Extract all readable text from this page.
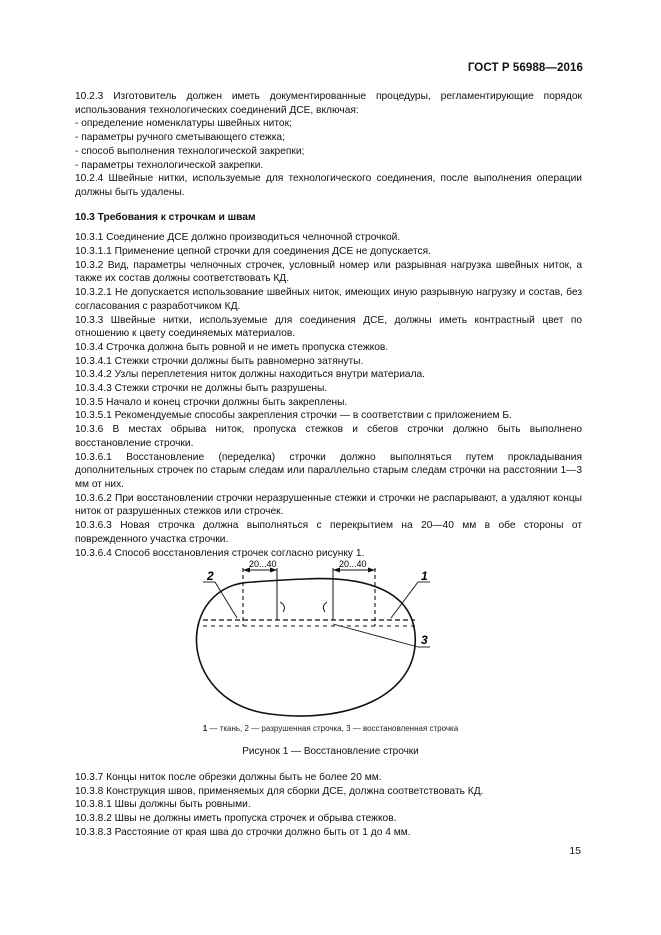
ГОСТ Р 56988—2016

10.2.3 Изготовитель должен иметь документированные процедуры, регламентирующие порядок использования технологических соединений ДСЕ, включая:

- определение номенклатуры швейных ниток;

- параметры ручного сметывающего стежка;

- способ выполнения технологической закрепки;

- параметры технологической закрепки.

10.2.4 Швейные нитки, используемые для технологического соединения, после выполнения операции должны быть удалены.

10.3 Требования к строчкам и швам

10.3.1 Соединение ДСЕ должно производиться челночной строчкой.

10.3.1.1 Применение цепной строчки для соединения ДСЕ не допускается.

10.3.2 Вид, параметры челночных строчек, условный номер или разрывная нагрузка швейных ниток, а также их состав должны соответствовать КД.

10.3.2.1 Не допускается использование швейных ниток, имеющих иную разрывную нагрузку и состав, без согласования с разработчиком КД.

10.3.3 Швейные нитки, используемые для соединения ДСЕ, должны иметь контрастный цвет по отношению к цвету соединяемых материалов.

10.3.4 Строчка должна быть ровной и не иметь пропуска стежков.

10.3.4.1 Стежки строчки должны быть равномерно затянуты.

10.3.4.2 Узлы переплетения ниток должны находиться внутри материала.

10.3.4.3 Стежки строчки не должны быть разрушены.

10.3.5 Начало и конец строчки должны быть закреплены.

10.3.5.1 Рекомендуемые способы закрепления строчки — в соответствии с приложением Б.

10.3.6 В местах обрыва ниток, пропуска стежков и сбегов строчки должно быть выполнено восстановление строчки.

10.3.6.1 Восстановление (переделка) строчки должно выполняться путем прокладывания дополнительных строчек по старым следам или параллельно старым следам строчки на расстоянии 1—3 мм от них.

10.3.6.2 При восстановлении строчки неразрушенные стежки и строчки не распарывают, а удаляют концы ниток от разрушенных стежков или строчек.

10.3.6.3 Новая строчка должна выполняться с перекрытием на 20—40 мм в обе стороны от поврежденного участка строчки.

10.3.6.4 Способ восстановления строчек согласно рисунку 1.

20...40	20...40
2	1
3
1 — ткань, 2 — разрушенная строчка, 3 — восстановленная строчка
Рисунок 1 — Восстановление строчки

10.3.7 Концы ниток после обрезки должны быть не более 20 мм.

10.3.8 Конструкция швов, применяемых для сборки ДСЕ, должна соответствовать КД.

10.3.8.1 Швы должны быть ровными.

10.3.8.2 Швы не должны иметь пропуска строчек и обрыва стежков.

10.3.8.3 Расстояние от края шва до строчки должно быть от 1 до 4 мм.

15
